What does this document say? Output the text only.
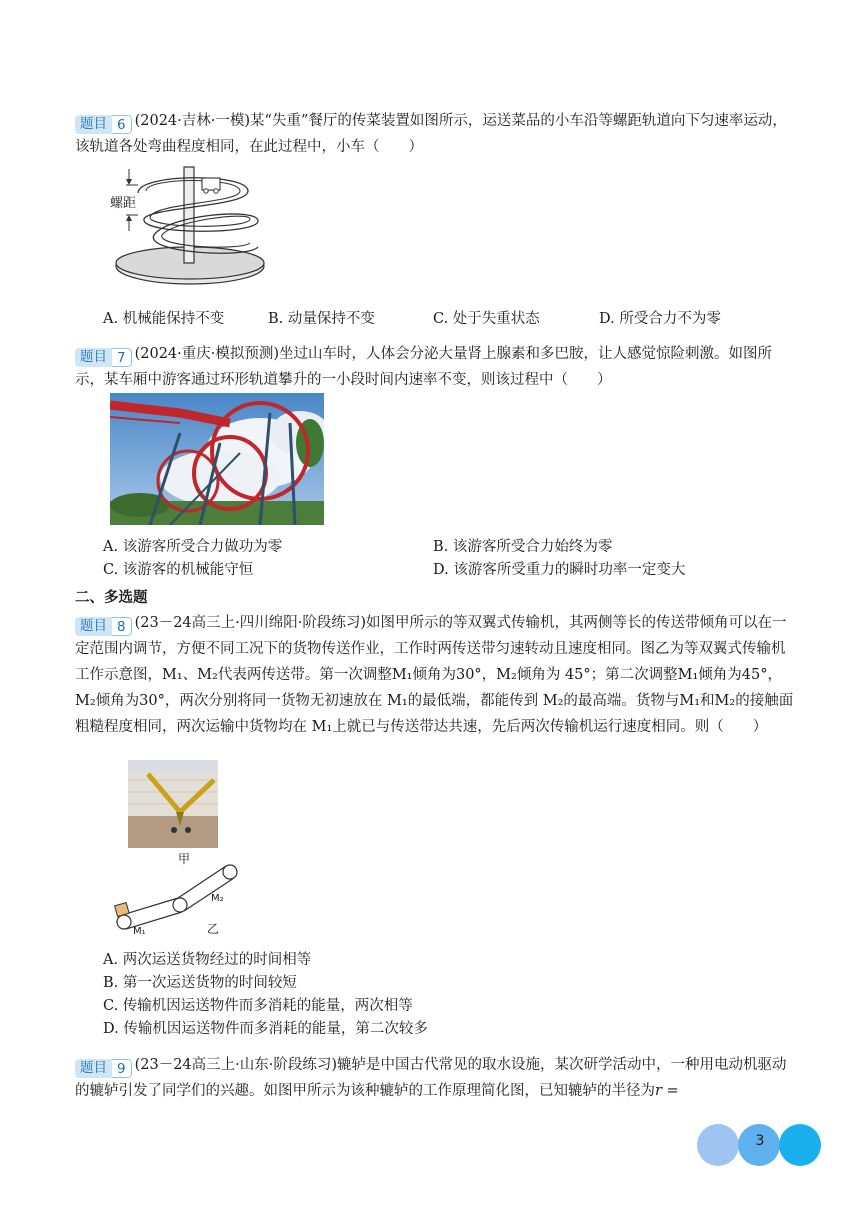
题目 6 (2024·吉林·一模)某“失重”餐厅的传菜装置如图所示，运送菜品的小车沿等螺距轨道向下匀速率运动，该轨道各处弯曲程度相同，在此过程中，小车（　　）
螺距
A. 机械能保持不变	B. 动量保持不变	C. 处于失重状态	D. 所受合力不为零
题目 7 (2024·重庆·模拟预测)坐过山车时，人体会分泌大量肾上腺素和多巴胺，让人感觉惊险刺激。如图所示，某车厢中游客通过环形轨道攀升的一小段时间内速率不变，则该过程中（　　）
A. 该游客所受合力做功为零	B. 该游客所受合力始终为零
C. 该游客的机械能守恒	D. 该游客所受重力的瞬时功率一定变大
二、多选题
题目 8 (23－24高三上·四川绵阳·阶段练习)如图甲所示的等双翼式传输机，其两侧等长的传送带倾角可以在一定范围内调节，方便不同工况下的货物传送作业，工作时两传送带匀速转动且速度相同。图乙为等双翼式传输机工作示意图，M₁、M₂代表两传送带。第一次调整M₁倾角为30°，M₂倾角为 45°；第二次调整M₁倾角为45°，M₂倾角为30°，两次分别将同一货物无初速放在 M₁的最低端，都能传到 M₂的最高端。货物与M₁和M₂的接触面粗糙程度相同，两次运输中货物均在 M₁上就已与传送带达共速，先后两次传输机运行速度相同。则（　　）
甲
M₁
M₂
乙
A. 两次运送货物经过的时间相等
B. 第一次运送货物的时间较短
C. 传输机因运送物件而多消耗的能量，两次相等
D. 传输机因运送物件而多消耗的能量，第二次较多
题目 9 (23－24高三上·山东·阶段练习)辘轳是中国古代常见的取水设施，某次研学活动中，一种用电动机驱动的辘轳引发了同学们的兴趣。如图甲所示为该种辘轳的工作原理简化图，已知辘轳的半径为r =
3
